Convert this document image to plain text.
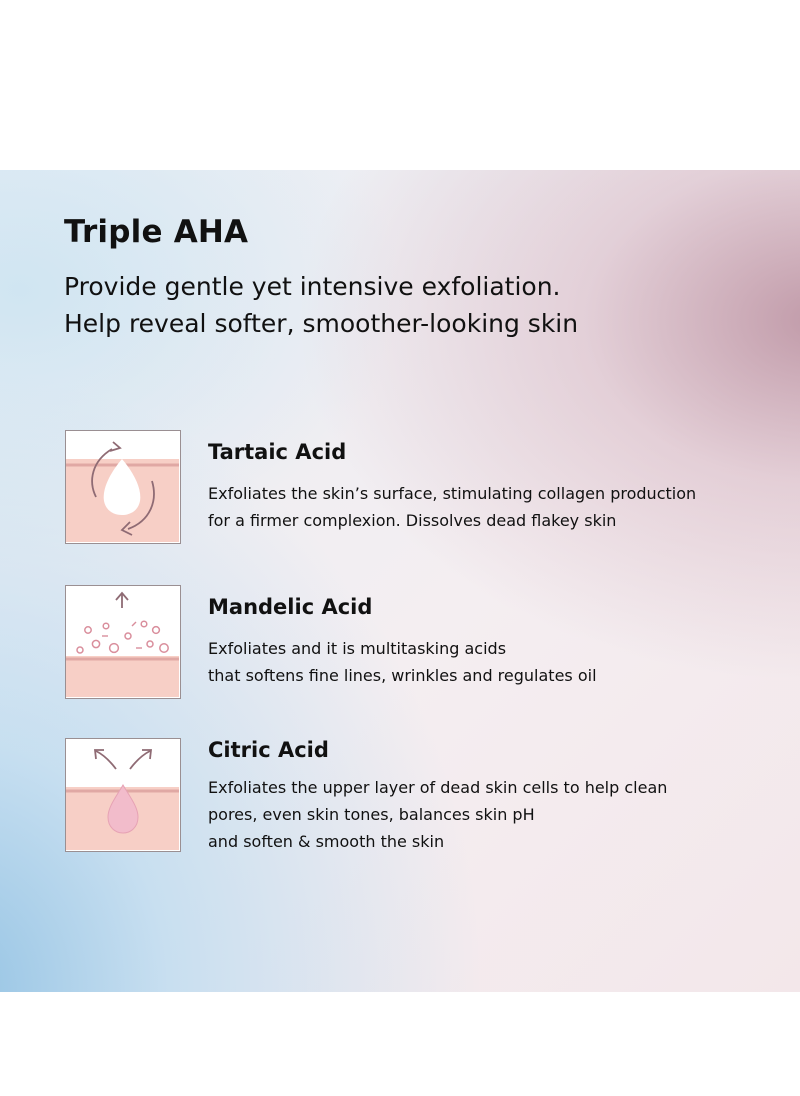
Triple AHA

Provide gentle yet intensive exfoliation.
Help reveal softer, smoother-looking skin

Tartaic Acid

Exfoliates the skin’s surface, stimulating collagen production
for a firmer complexion. Dissolves dead flakey skin

Mandelic Acid

Exfoliates and it is multitasking acids
that softens fine lines, wrinkles and regulates oil

Citric Acid

Exfoliates the upper layer of dead skin cells to help clean
pores, even skin tones, balances skin pH
and soften & smooth the skin
